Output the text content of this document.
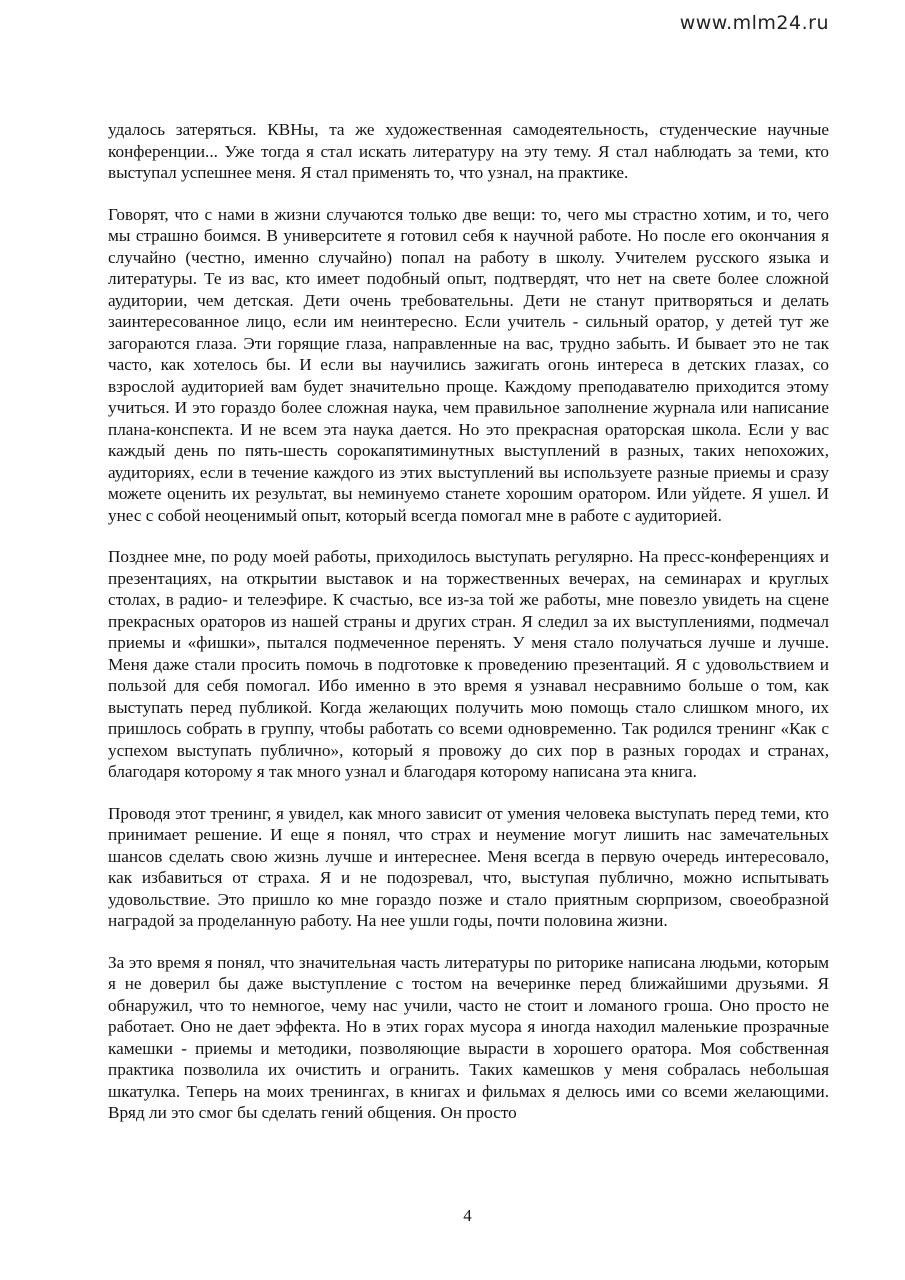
www.mlm24.ru

удалось затеряться. КВНы, та же художественная самодеятельность, студенческие научные конференции... Уже тогда я стал искать литературу на эту тему. Я стал наблюдать за теми, кто выступал успешнее меня. Я стал применять то, что узнал, на практике.

Говорят, что с нами в жизни случаются только две вещи: то, чего мы страстно хотим, и то, чего мы страшно боимся. В университете я готовил себя к научной работе. Но после его окончания я случайно (честно, именно случайно) попал на работу в школу. Учителем русского языка и литературы. Те из вас, кто имеет подобный опыт, подтвердят, что нет на свете более сложной аудитории, чем детская. Дети очень требовательны. Дети не станут притворяться и делать заинтересованное лицо, если им неинтересно. Если учитель - сильный оратор, у детей тут же загораются глаза. Эти горящие глаза, направленные на вас, трудно забыть. И бывает это не так часто, как хотелось бы. И если вы научились зажигать огонь интереса в детских глазах, со взрослой аудиторией вам будет значительно проще. Каждому преподавателю приходится этому учиться. И это гораздо более сложная наука, чем правильное заполнение журнала или написание плана-конспекта. И не всем эта наука дается. Но это прекрасная ораторская школа. Если у вас каждый день по пять-шесть сорокапятиминутных выступлений в разных, таких непохожих, аудиториях, если в течение каждого из этих выступлений вы используете разные приемы и сразу можете оценить их результат, вы неминуемо станете хорошим оратором. Или уйдете. Я ушел. И унес с собой неоценимый опыт, который всегда помогал мне в работе с аудиторией.

Позднее мне, по роду моей работы, приходилось выступать регулярно. На пресс-конференциях и презентациях, на открытии выставок и на торжественных вечерах, на семинарах и круглых столах, в радио- и телеэфире. К счастью, все из-за той же работы, мне повезло увидеть на сцене прекрасных ораторов из нашей страны и других стран. Я следил за их выступлениями, подмечал приемы и «фишки», пытался подмеченное перенять. У меня стало получаться лучше и лучше. Меня даже стали просить помочь в подготовке к проведению презентаций. Я с удовольствием и пользой для себя помогал. Ибо именно в это время я узнавал несравнимо больше о том, как выступать перед публикой. Когда желающих получить мою помощь стало слишком много, их пришлось собрать в группу, чтобы работать со всеми одновременно. Так родился тренинг «Как с успехом выступать публично», который я провожу до сих пор в разных городах и странах, благодаря которому я так много узнал и благодаря которому написана эта книга.

Проводя этот тренинг, я увидел, как много зависит от умения человека выступать перед теми, кто принимает решение. И еще я понял, что страх и неумение могут лишить нас замечательных шансов сделать свою жизнь лучше и интереснее. Меня всегда в первую очередь интересовало, как избавиться от страха. Я и не подозревал, что, выступая публично, можно испытывать удовольствие. Это пришло ко мне гораздо позже и стало приятным сюрпризом, своеобразной наградой за проделанную работу. На нее ушли годы, почти половина жизни.

За это время я понял, что значительная часть литературы по риторике написана людьми, которым я не доверил бы даже выступление с тостом на вечеринке перед ближайшими друзьями. Я обнаружил, что то немногое, чему нас учили, часто не стоит и ломаного гроша. Оно просто не работает. Оно не дает эффекта. Но в этих горах мусора я иногда находил маленькие прозрачные камешки - приемы и методики, позволяющие вырасти в хорошего оратора. Моя собственная практика позволила их очистить и огранить. Таких камешков у меня собралась небольшая шкатулка. Теперь на моих тренингах, в книгах и фильмах я делюсь ими со всеми желающими. Вряд ли это смог бы сделать гений общения. Он просто

4
